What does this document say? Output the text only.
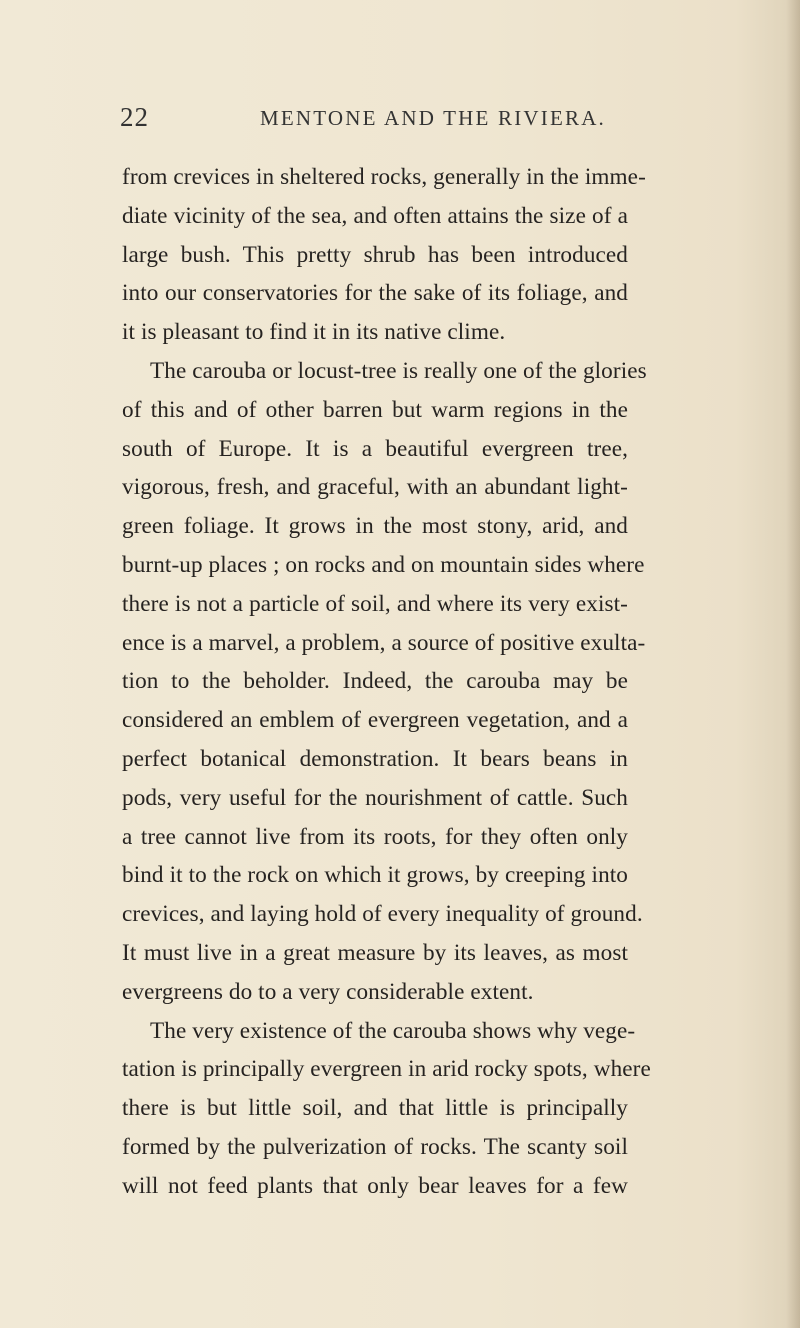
22	MENTONE AND THE RIVIERA.
from crevices in sheltered rocks, generally in the imme-
diate vicinity of the sea, and often attains the size of a
large bush. This pretty shrub has been introduced
into our conservatories for the sake of its foliage, and
it is pleasant to find it in its native clime.
The carouba or locust-tree is really one of the glories
of this and of other barren but warm regions in the
south of Europe. It is a beautiful evergreen tree,
vigorous, fresh, and graceful, with an abundant light-
green foliage. It grows in the most stony, arid, and
burnt-up places ; on rocks and on mountain sides where
there is not a particle of soil, and where its very exist-
ence is a marvel, a problem, a source of positive exulta-
tion to the beholder. Indeed, the carouba may be
considered an emblem of evergreen vegetation, and a
perfect botanical demonstration. It bears beans in
pods, very useful for the nourishment of cattle. Such
a tree cannot live from its roots, for they often only
bind it to the rock on which it grows, by creeping into
crevices, and laying hold of every inequality of ground.
It must live in a great measure by its leaves, as most
evergreens do to a very considerable extent.
The very existence of the carouba shows why vege-
tation is principally evergreen in arid rocky spots, where
there is but little soil, and that little is principally
formed by the pulverization of rocks. The scanty soil
will not feed plants that only bear leaves for a few
